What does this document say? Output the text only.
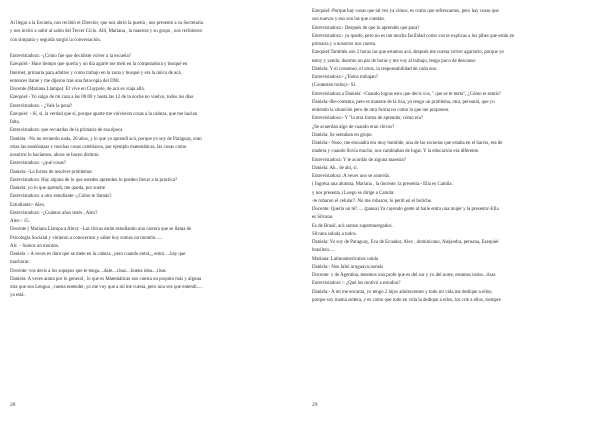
Al llegar a la Escuela, nos recibió el Director, que nos abrió la puerta , nos presentó a su Secretaria
y nos invitó a subir al salón del Tercer Ciclo. Allí, Mariana , la maestra y su grupo , nos recibieron
con simpatía y seguida surgió la conversación.
Entrevistadora: -¿Cómo fue que decidiste volver a la escuela?
Ezequiel:- Hace tiempo que quería y un día agarré me metí en la computadora y busqué en
Internet, primaria para adultos y como trabajo en la zona y busqué y era la única de acá,
entonces llamé y me dijeron trae una fotocopia del DNI.
Docente (Mariana Llampa): Él vive en Claypole, de acá es viaja allá.
Ezequiel:- Yo salgo de mi casa a las 06:00 y hasta las 12 de la noche no vuelvo, todos los días
Entrevistadora: - ¿Vale la pena?
Ezequiel: - Sí, sí, la verdad que sí, porque aparte me volvieron cosas a la cabeza, que me hacían
falta.
Entrevistadora: que recuerdas de la primaria de esa época
Daniela: -No no recuerdo nada, 20 años, y lo que yo aprendí acá, porque yo soy de Paraguay, eran
otras las enseñanzas y muchas cosas cambiaron, por ejemplo matemáticas, las cosas como
nosotros lo hacíamos, ahora se hacen distinto.
Entrevistadora: -¿qué cosas?
Daniela: -La forma de resolver problemas
Entrevistadora: Hay alguna de lo que ustedes aprenden lo pueden llevar a la practica?
Daniela: yo lo que aprendí, me queda, por suerte
Entrevistadora: a otro estudiante -¿Cómo te llamás?.
Estudiante:- Alex.
Entrevistadora: -¿Cuántos años tenés , Alex?
Alex:- 15.
Docente ( Mariana Llampa a Alex): -Las chicas están estudiando una carrera que se llama de
Psicología Socialal y vinieron a conocernos y saber hoy somos un montón......
Alc. - Somos un montón.
Daniela :- A veces es duro que se mete en la cabeza , pero cuando entrá,,, entrá. ...hay que
machacar.
Docente: vos decís a los sopapos que te tenga....dale....risas....buena idea....risas
Daniela: A veces aunta por lo general , lo que es Matemáticas nos cuesta un poquito más y alguna
otra que son Lengua , cuesta entender, yo me voy que a mí me cuesta, pero una vez que entendí.....
ya está.
28
Ezequiel:-Porque hay cosas que tal vez ya vimos, es como que refrescamos, pero hay cosas que
son nuevas y eso son las que cuestan.
Entrevistadora:- Después de que lo aprendés qué pasa?
Entrevistadora:- ya quedó, pero no es tan mucha facilidad como vos te explicas a los pibes que están en
primaria y a nosotros nos cuesta.
Ezequiel:También son 2 horas las que estamos acá, después me cuesta volver agarrarlo, porque yo
estoy y yendo, duermo un par de horas y me voy al trabajo, tengo poco de descanso
Daniela: Y el consenso, el otros, la responsabilidad de cada uno.
Entrevistadora:- ¿Todos trabajan?
(Contesten todos):- Sí.
Entrevistadora a Daniela: -Cuando logras esto que decís vos, " que se te meta", ¿Cómo te sentís?
Daniela:-Re-contenta, pero te mataste de la risa, yo tengo un problema, otra, personal, que yo
entiendo la situación pero de otra forma no como la que me proponen.
Entrevistadora:- Y "la otra forma de aprender, cómo era?
¿Se acuerdan algo de cuando eran chicos?
Daniela: Se sentaban en grupo.
Daniela:- Noso, me encuadra era muy humilde, una de las escuelas que estaba en el barrio, era de
madera y cuando llovía mucho, nos cambiaban de lugar. Y la educación era diferente.
Entrevistadora: Y te acordás de alguna maestra?
Daniela: Ah.. de ahí, sí.
Entrevistadora :A veces uno se acuerda.
( Ingresa una alumna, Mariana , la docente, la presenta.- Ella es Camila.
y nos presenta.) Luego se dirige a Camila:
-te robaron el celular?. No me robaron, lo perdí en el boliche.
Docente: Queria un té?..... (pausa) Ya cayendo gente al baile entra una mujer y la presenta:-Ella
es Silvana.
Es de Brasil, acá somos supermuergados.
Silvana saluda a todos.
Daniela: Yo soy de Paraguay, Eva de Ecuador, Alex , dominicano, Alejandra, peruana, Ezequiel
brasilero....
Mariana: Latinoamericanos unida
Daniela:- Nos faltó uruguayo,nomás
Docente: y de Agentina, tenemos una profe que es del sur y yo del norte, estamos todos...risas
Entrevistadora :- ¿Qué los motivó a estudiar?
Daniela:- A mí me encanta, yo tengo 2 hijos adolescentes y todo mi vida me dedique a ellos,
porque soy mamá soltera, y es como que todo en vida la dedique a ellos, los crie a ellos, siempre
29
